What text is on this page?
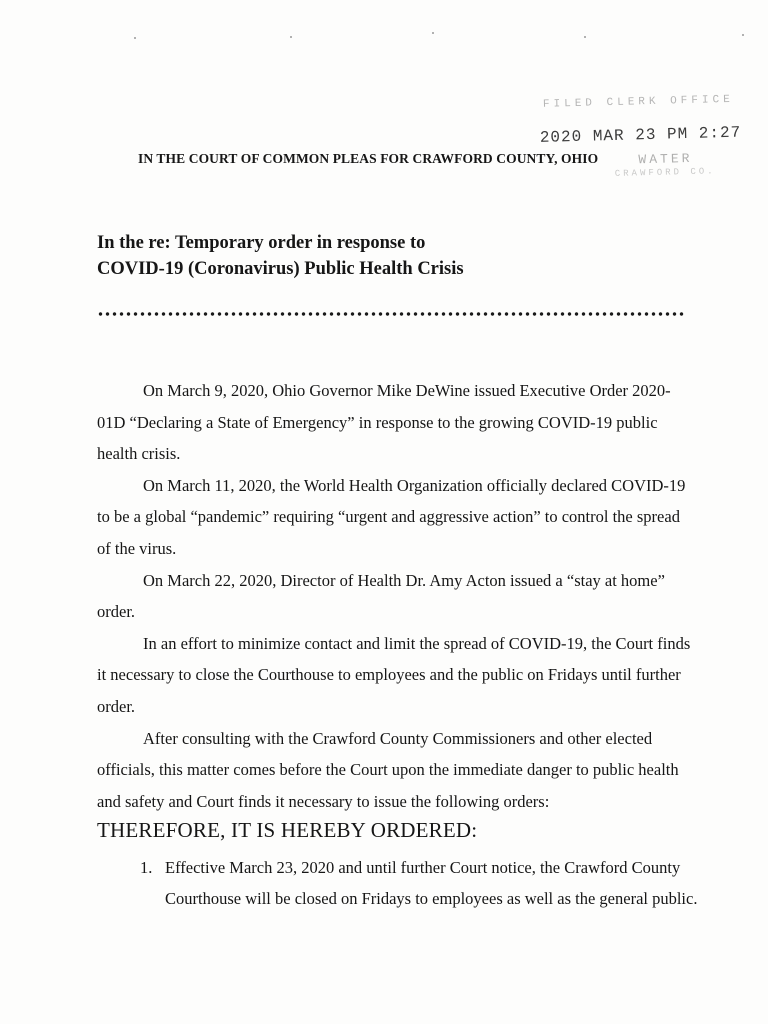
FILED CLERK OFFICE
2020 MAR 23 PM 2:27
WATER
CRAWFORD CO.
IN THE COURT OF COMMON PLEAS FOR CRAWFORD COUNTY, OHIO
In the re: Temporary order in response to
COVID-19 (Coronavirus) Public Health Crisis

On March 9, 2020, Ohio Governor Mike DeWine issued Executive Order 2020-01D “Declaring a State of Emergency” in response to the growing COVID-19 public health crisis.

On March 11, 2020, the World Health Organization officially declared COVID-19 to be a global “pandemic” requiring “urgent and aggressive action” to control the spread of the virus.

On March 22, 2020, Director of Health Dr. Amy Acton issued a “stay at home” order.

In an effort to minimize contact and limit the spread of COVID-19, the Court finds it necessary to close the Courthouse to employees and the public on Fridays until further order.

After consulting with the Crawford County Commissioners and other elected officials, this matter comes before the Court upon the immediate danger to public health and safety and Court finds it necessary to issue the following orders:

THEREFORE, IT IS HEREBY ORDERED:
1. Effective March 23, 2020 and until further Court notice, the Crawford County Courthouse will be closed on Fridays to employees as well as the general public.
